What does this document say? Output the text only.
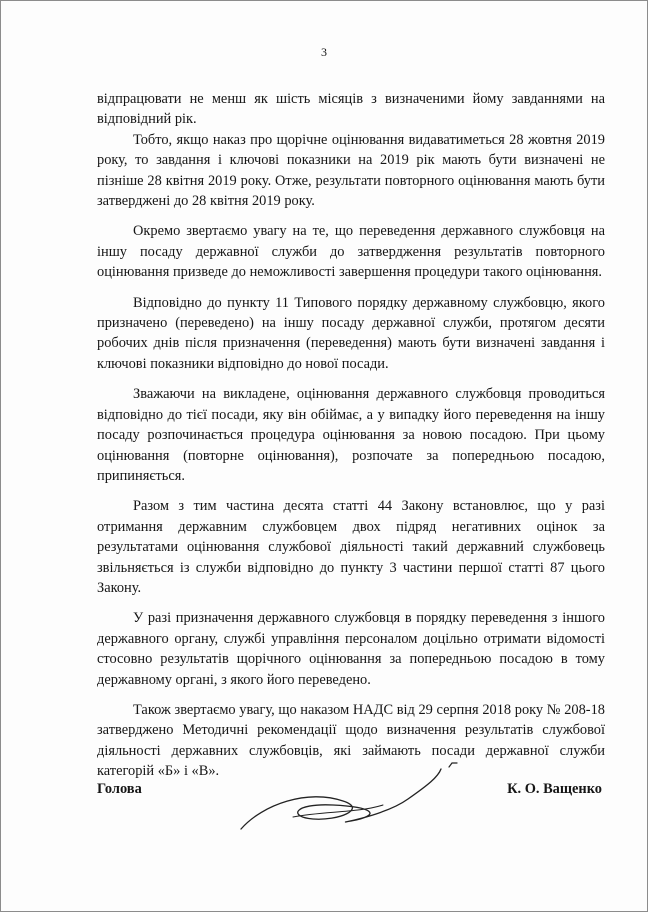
3

відпрацювати не менш як шість місяців з визначеними йому завданнями на відповідний рік.

Тобто, якщо наказ про щорічне оцінювання видаватиметься 28 жовтня 2019 року, то завдання і ключові показники на 2019 рік мають бути визначені не пізніше 28 квітня 2019 року. Отже, результати повторного оцінювання мають бути затверджені до 28 квітня 2019 року.

Окремо звертаємо увагу на те, що переведення державного службовця на іншу посаду державної служби до затвердження результатів повторного оцінювання призведе до неможливості завершення процедури такого оцінювання.

Відповідно до пункту 11 Типового порядку державному службовцю, якого призначено (переведено) на іншу посаду державної служби, протягом десяти робочих днів після призначення (переведення) мають бути визначені завдання і ключові показники відповідно до нової посади.

Зважаючи на викладене, оцінювання державного службовця проводиться відповідно до тієї посади, яку він обіймає, а у випадку його переведення на іншу посаду розпочинається процедура оцінювання за новою посадою. При цьому оцінювання (повторне оцінювання), розпочате за попередньою посадою, припиняється.

Разом з тим частина десята статті 44 Закону встановлює, що у разі отримання державним службовцем двох підряд негативних оцінок за результатами оцінювання службової діяльності такий державний службовець звільняється із служби відповідно до пункту 3 частини першої статті 87 цього Закону.

У разі призначення державного службовця в порядку переведення з іншого державного органу, службі управління персоналом доцільно отримати відомості стосовно результатів щорічного оцінювання за попередньою посадою в тому державному органі, з якого його переведено.

Також звертаємо увагу, що наказом НАДС від 29 серпня 2018 року № 208-18 затверджено Методичні рекомендації щодо визначення результатів службової діяльності державних службовців, які займають посади державної служби категорій «Б» і «В».

Голова	К. О. Ващенко
